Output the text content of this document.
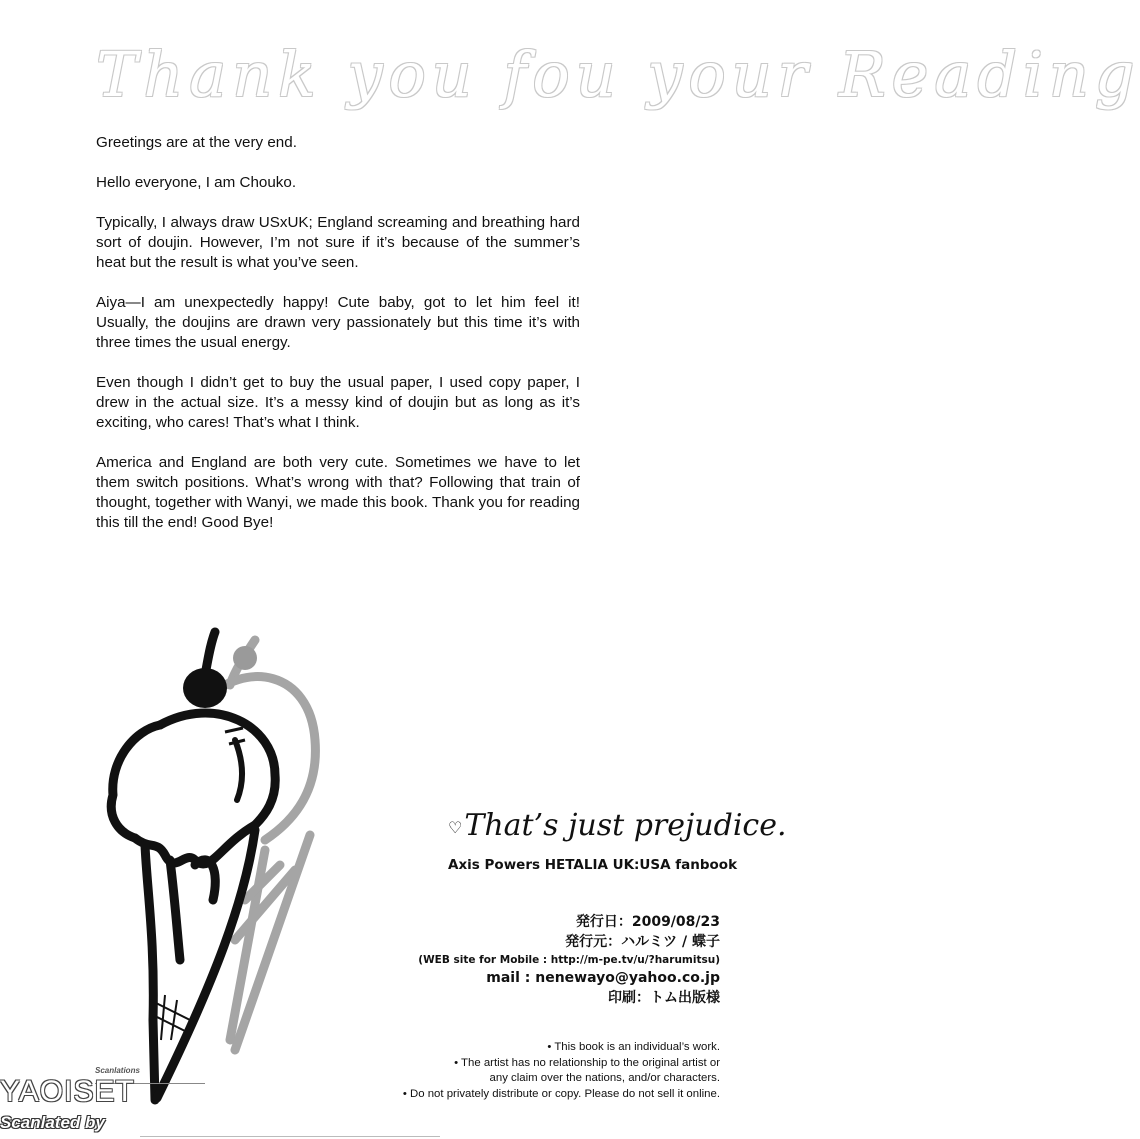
Thank you fou your Reading

Greetings are at the very end.

Hello everyone, I am Chouko.

Typically, I always draw USxUK; England screaming and breathing hard sort of doujin. However, I’m not sure if it’s because of the summer’s heat but the result is what you’ve seen.

Aiya—I am unexpectedly happy! Cute baby, got to let him feel it! Usually, the doujins are drawn very passionately but this time it’s with three times the usual energy.

Even though I didn’t get to buy the usual paper, I used copy paper, I drew in the actual size. It’s a messy kind of doujin but as long as it’s exciting, who cares! That’s what I think.

America and England are both very cute. Sometimes we have to let them switch positions. What’s wrong with that? Following that train of thought, together with Wanyi, we made this book. Thank you for reading this till the end! Good Bye!

♡That’s just prejudice.
Axis Powers HETALIA UK:USA fanbook
発行日：2009/08/23
発行元：ハルミツ / 蝶子
(WEB site for Mobile : http://m-pe.tv/u/?harumitsu)
mail : nenewayo@yahoo.co.jp
印刷：トム出版様
• This book is an individual’s work.
• The artist has no relationship to the original artist or
any claim over the nations, and/or characters.
• Do not privately distribute or copy. Please do not sell it online.
Scanlations
YAOISET
Scanlated by
